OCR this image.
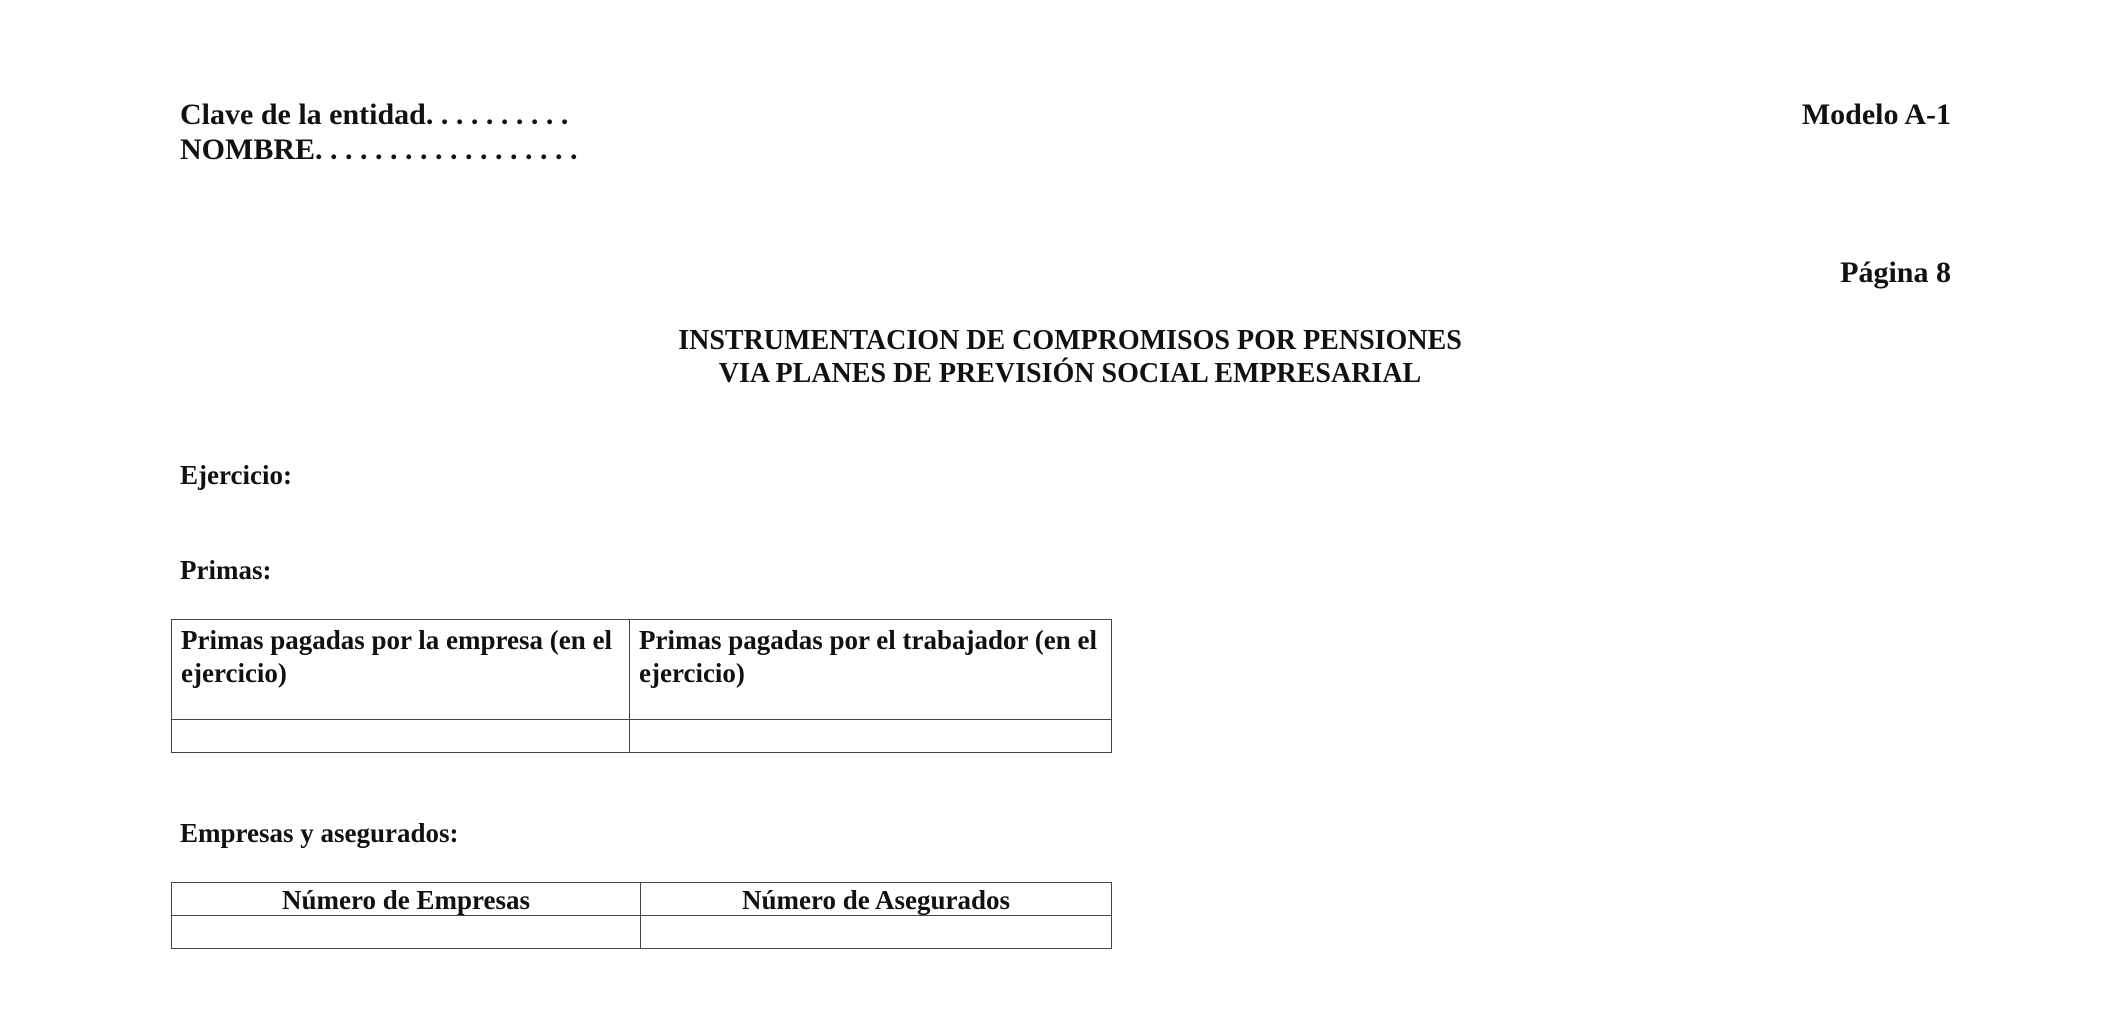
Clave de la entidad. . . . . . . . . .
NOMBRE. . . . . . . . . . . . . . . . . .
Modelo A-1
Página 8
INSTRUMENTACION DE COMPROMISOS POR PENSIONES
VIA PLANES DE PREVISIÓN SOCIAL EMPRESARIAL
Ejercicio:
Primas:
Primas pagadas por la empresa (en el ejercicio)	Primas pagadas por el trabajador (en el ejercicio)

Empresas y asegurados:
Número de Empresas	Número de Asegurados
